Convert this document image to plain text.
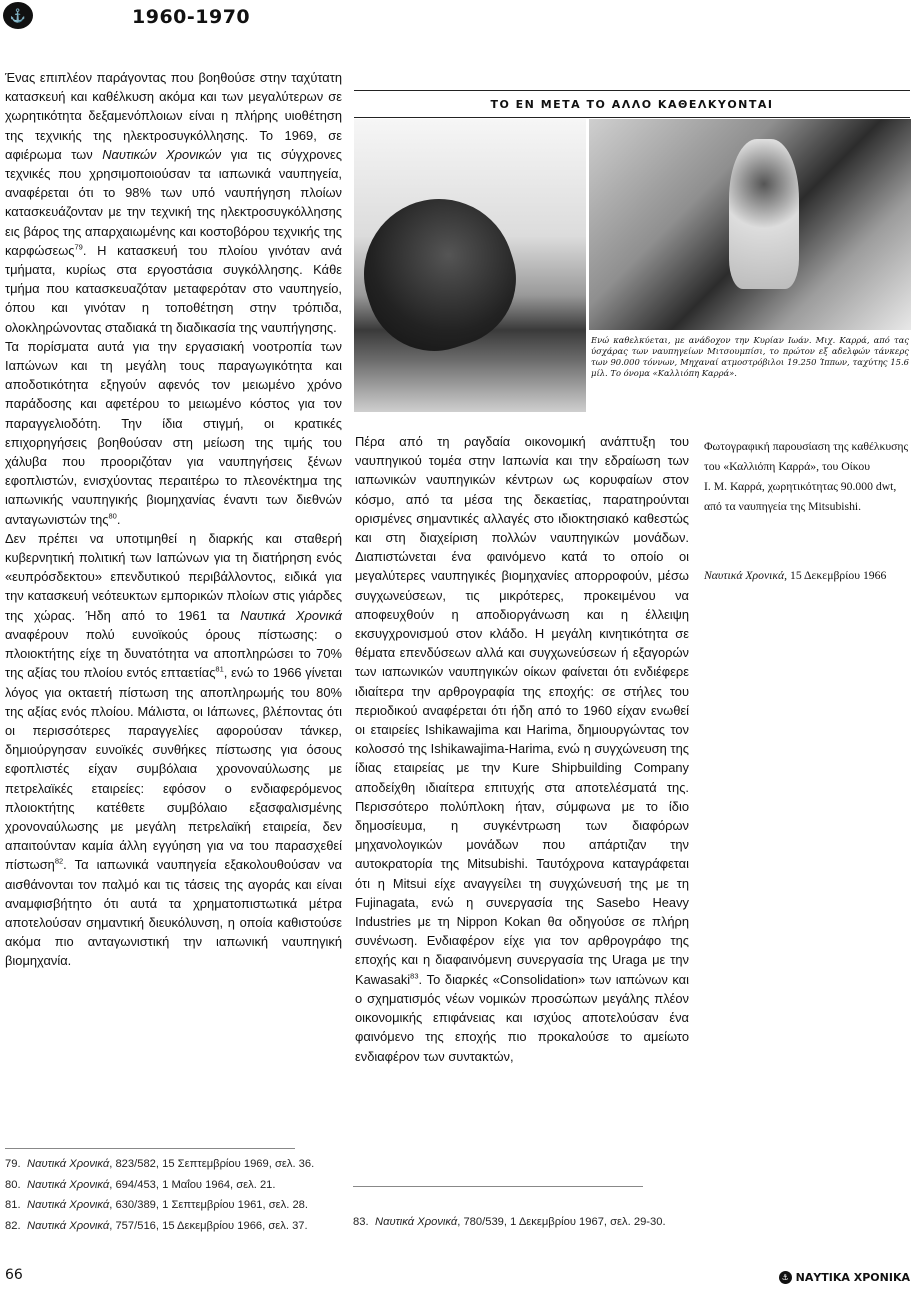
⚓	1960-1970

Ένας επιπλέον παράγοντας που βοηθούσε στην ταχύτατη κατασκευή και καθέλκυση ακόμα και των μεγαλύτερων σε χωρητικότητα δεξαμενόπλοιων είναι η πλήρης υιοθέτηση της τεχνικής της ηλεκτροσυγκόλλησης. Το 1969, σε αφιέρωμα των Ναυτικών Χρονικών για τις σύγχρονες τεχνικές που χρησιμοποιούσαν τα ιαπωνικά ναυπηγεία, αναφέρεται ότι το 98% των υπό ναυπήγηση πλοίων κατασκευάζονταν με την τεχνική της ηλεκτροσυγκόλλησης εις βάρος της απαρχαιωμένης και κοστοβόρου τεχνικής της καρφώσεως$^{79}$. Η κατασκευή του πλοίου γινόταν ανά τμήματα, κυρίως στα εργοστάσια συγκόλλησης. Κάθε τμήμα που κατασκευαζόταν μεταφερόταν στο ναυπηγείο, όπου και γινόταν η τοποθέτηση στην τρόπιδα, ολοκληρώνοντας σταδιακά τη διαδικασία της ναυπήγησης.

Τα πορίσματα αυτά για την εργασιακή νοοτροπία των Ιαπώνων και τη μεγάλη τους παραγωγικότητα και αποδοτικότητα εξηγούν αφενός τον μειωμένο χρόνο παράδοσης και αφετέρου το μειωμένο κόστος για τον παραγγελιοδότη. Την ίδια στιγμή, οι κρατικές επιχορηγήσεις βοηθούσαν στη μείωση της τιμής του χάλυβα που προοριζόταν για ναυπηγήσεις ξένων εφοπλιστών, ενισχύοντας περαιτέρω το πλεονέκτημα της ιαπωνικής ναυπηγικής βιομηχανίας έναντι των διεθνών ανταγωνιστών της$^{80}$.

Δεν πρέπει να υποτιμηθεί η διαρκής και σταθερή κυβερνητική πολιτική των Ιαπώνων για τη διατήρηση ενός «ευπρόσδεκτου» επενδυτικού περιβάλλοντος, ειδικά για την κατασκευή νεότευκτων εμπορικών πλοίων στις γιάρδες της χώρας. Ήδη από το 1961 τα Ναυτικά Χρονικά αναφέρουν πολύ ευνοϊκούς όρους πίστωσης: ο πλοιοκτήτης είχε τη δυνατότητα να αποπληρώσει το 70% της αξίας του πλοίου εντός επταετίας$^{81}$, ενώ το 1966 γίνεται λόγος για οκταετή πίστωση της αποπληρωμής του 80% της αξίας ενός πλοίου. Μάλιστα, οι Ιάπωνες, βλέποντας ότι οι περισσότερες παραγγελίες αφορούσαν τάνκερ, δημιούργησαν ευνοϊκές συνθήκες πίστωσης για όσους εφοπλιστές είχαν συμβόλαια χρονοναύλωσης με πετρελαϊκές εταιρείες: εφόσον ο ενδιαφερόμενος πλοιοκτήτης κατέθετε συμβόλαιο εξασφαλισμένης χρονοναύλωσης με μεγάλη πετρελαϊκή εταιρεία, δεν απαιτούνταν καμία άλλη εγγύηση για να του παρασχεθεί πίστωση$^{82}$. Τα ιαπωνικά ναυπηγεία εξακολουθούσαν να αισθάνονται τον παλμό και τις τάσεις της αγοράς και είναι αναμφισβήτητο ότι αυτά τα χρηματοπιστωτικά μέτρα αποτελούσαν σημαντική διευκόλυνση, η οποία καθιστούσε ακόμα πιο ανταγωνιστική την ιαπωνική ναυπηγική βιομηχανία.

ΤΟ ΕΝ ΜΕΤΑ ΤΟ ΑΛΛΟ ΚΑΘΕΛΚΥΟΝΤΑΙ
Ενώ καθελκύεται, με ανάδοχον την Κυρίαν Ιωάν. Μιχ. Καρρά, από τας ύσχάρας των ναυπηγείων Μιτσουμπίσι, το πρώτον εξ αδελφών τάνκερς των 90.000 τόννων, Μηχαναί ατμοστρόβιλοι 19.250 Ίππων, ταχύτης 15.6 μίλ. Το όνομα «Καλλιόπη Καρρά».

Πέρα από τη ραγδαία οικονομική ανάπτυξη του ναυπηγικού τομέα στην Ιαπωνία και την εδραίωση των ιαπωνικών ναυπηγικών κέντρων ως κορυφαίων στον κόσμο, από τα μέσα της δεκαετίας, παρατηρούνται ορισμένες σημαντικές αλλαγές στο ιδιοκτησιακό καθεστώς και στη διαχείριση πολλών ναυπηγικών μονάδων. Διαπιστώνεται ένα φαινόμενο κατά το οποίο οι μεγαλύτερες ναυπηγικές βιομηχανίες απορροφούν, μέσω συγχωνεύσεων, τις μικρότερες, προκειμένου να αποφευχθούν η αποδιοργάνωση και η έλλειψη εκσυγχρονισμού στον κλάδο. Η μεγάλη κινητικότητα σε θέματα επενδύσεων αλλά και συγχωνεύσεων ή εξαγορών των ιαπωνικών ναυπηγικών οίκων φαίνεται ότι ενδιέφερε ιδιαίτερα την αρθρογραφία της εποχής: σε στήλες του περιοδικού αναφέρεται ότι ήδη από το 1960 είχαν ενωθεί οι εταιρείες Ishikawajima και Harima, δημιουργώντας τον κολοσσό της Ishikawajima-Harima, ενώ η συγχώνευση της ίδιας εταιρείας με την Kure Shipbuilding Company αποδείχθη ιδιαίτερα επιτυχής στα αποτελέσματά της. Περισσότερο πολύπλοκη ήταν, σύμφωνα με το ίδιο δημοσίευμα, η συγκέντρωση των διαφόρων μηχανολογικών μονάδων που απάρτιζαν την αυτοκρατορία της Mitsubishi. Ταυτόχρονα καταγράφεται ότι η Mitsui είχε αναγγείλει τη συγχώνευσή της με τη Fujinagata, ενώ η συνεργασία της Sasebo Heavy Industries με τη Nippon Kokan θα οδηγούσε σε πλήρη συνένωση. Ενδιαφέρον είχε για τον αρθρογράφο της εποχής και η διαφαινόμενη συνεργασία της Uraga με την Kawasaki$^{83}$. Το διαρκές «Consolidation» των ιαπώνων και ο σχηματισμός νέων νομικών προσώπων μεγάλης πλέον οικονομικής επιφάνειας και ισχύος αποτελούσαν ένα φαινόμενο της εποχής πιο προκαλούσε το αμείωτο ενδιαφέρον των συντακτών,

Φωτογραφική παρουσίαση της καθέλκυσης

του «Καλλιόπη Καρρά», του Οίκου

Ι. Μ. Καρρά, χωρητικότητας 90.000 dwt,

από τα ναυπηγεία της Mitsubishi.

Ναυτικά Χρονικά, 15 Δεκεμβρίου 1966
79. Ναυτικά Χρονικά, 823/582, 15 Σεπτεμβρίου 1969, σελ. 36.
80. Ναυτικά Χρονικά, 694/453, 1 Μαΐου 1964, σελ. 21.
81. Ναυτικά Χρονικά, 630/389, 1 Σεπτεμβρίου 1961, σελ. 28.
82. Ναυτικά Χρονικά, 757/516, 15 Δεκεμβρίου 1966, σελ. 37.	83. Ναυτικά Χρονικά, 780/539, 1 Δεκεμβρίου 1967, σελ. 29-30.
66	⚓ ΝΑΥΤΙΚΑ ΧΡΟΝΙΚΑ
